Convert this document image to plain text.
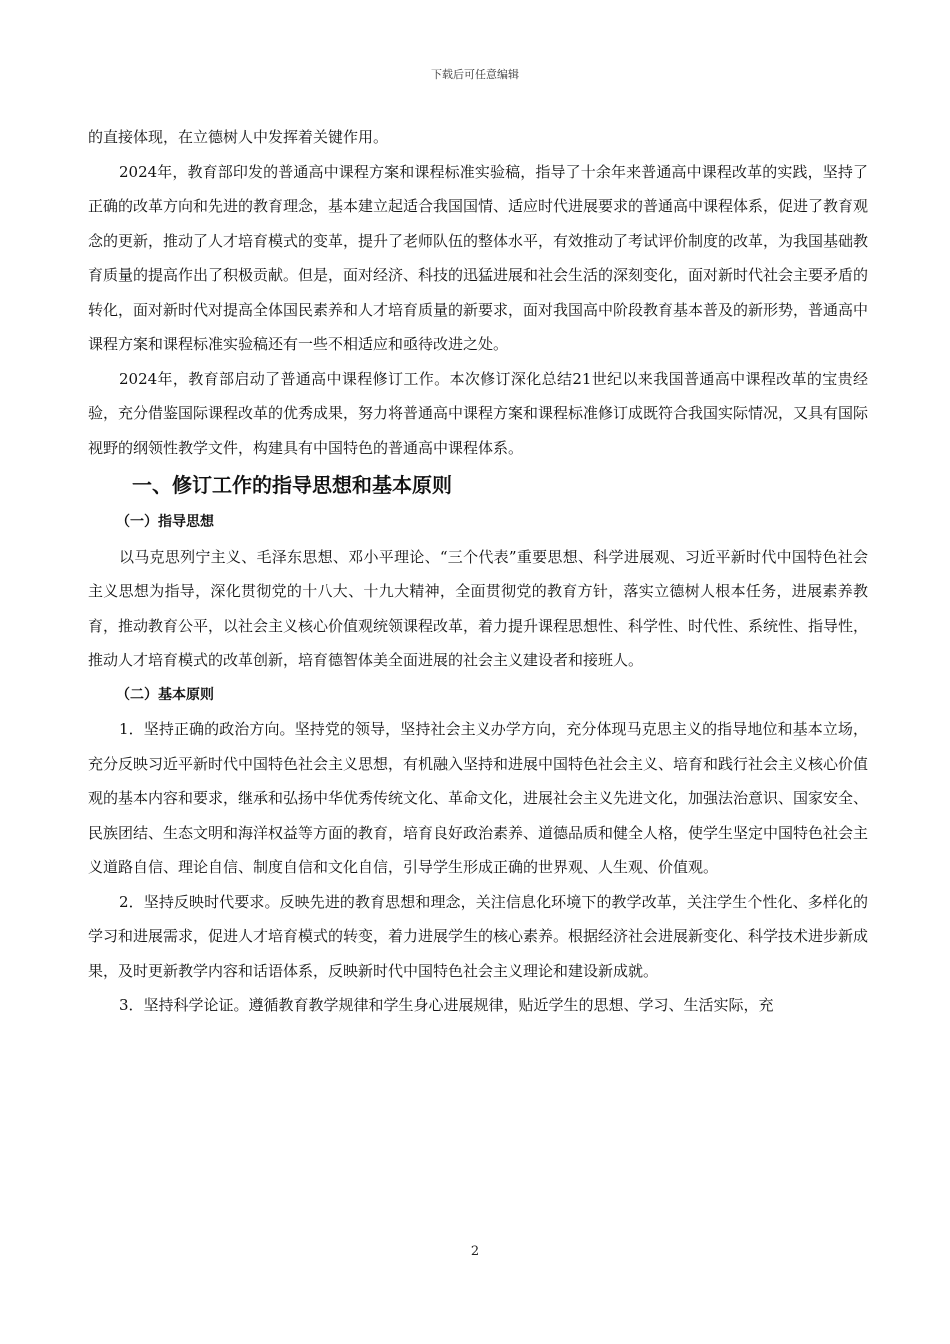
下载后可任意编辑

的直接体现，在立德树人中发挥着关键作用。

2024年，教育部印发的普通高中课程方案和课程标准实验稿，指导了十余年来普通高中课程改革的实践，坚持了正确的改革方向和先进的教育理念，基本建立起适合我国国情、适应时代进展要求的普通高中课程体系，促进了教育观念的更新，推动了人才培育模式的变革，提升了老师队伍的整体水平，有效推动了考试评价制度的改革，为我国基础教育质量的提高作出了积极贡献。但是，面对经济、科技的迅猛进展和社会生活的深刻变化，面对新时代社会主要矛盾的转化，面对新时代对提高全体国民素养和人才培育质量的新要求，面对我国高中阶段教育基本普及的新形势，普通高中课程方案和课程标准实验稿还有一些不相适应和亟待改进之处。

2024年，教育部启动了普通高中课程修订工作。本次修订深化总结21世纪以来我国普通高中课程改革的宝贵经验，充分借鉴国际课程改革的优秀成果，努力将普通高中课程方案和课程标准修订成既符合我国实际情况，又具有国际视野的纲领性教学文件，构建具有中国特色的普通高中课程体系。

一、修订工作的指导思想和基本原则
（一）指导思想

以马克思列宁主义、毛泽东思想、邓小平理论、“三个代表”重要思想、科学进展观、习近平新时代中国特色社会主义思想为指导，深化贯彻党的十八大、十九大精神，全面贯彻党的教育方针，落实立德树人根本任务，进展素养教育，推动教育公平，以社会主义核心价值观统领课程改革，着力提升课程思想性、科学性、时代性、系统性、指导性，推动人才培育模式的改革创新，培育德智体美全面进展的社会主义建设者和接班人。

（二）基本原则

1．坚持正确的政治方向。坚持党的领导，坚持社会主义办学方向，充分体现马克思主义的指导地位和基本立场，充分反映习近平新时代中国特色社会主义思想，有机融入坚持和进展中国特色社会主义、培育和践行社会主义核心价值观的基本内容和要求，继承和弘扬中华优秀传统文化、革命文化，进展社会主义先进文化，加强法治意识、国家安全、民族团结、生态文明和海洋权益等方面的教育，培育良好政治素养、道德品质和健全人格，使学生坚定中国特色社会主义道路自信、理论自信、制度自信和文化自信，引导学生形成正确的世界观、人生观、价值观。

2．坚持反映时代要求。反映先进的教育思想和理念，关注信息化环境下的教学改革，关注学生个性化、多样化的学习和进展需求，促进人才培育模式的转变，着力进展学生的核心素养。根据经济社会进展新变化、科学技术进步新成果，及时更新教学内容和话语体系，反映新时代中国特色社会主义理论和建设新成就。

3．坚持科学论证。遵循教育教学规律和学生身心进展规律，贴近学生的思想、学习、生活实际，充

2
